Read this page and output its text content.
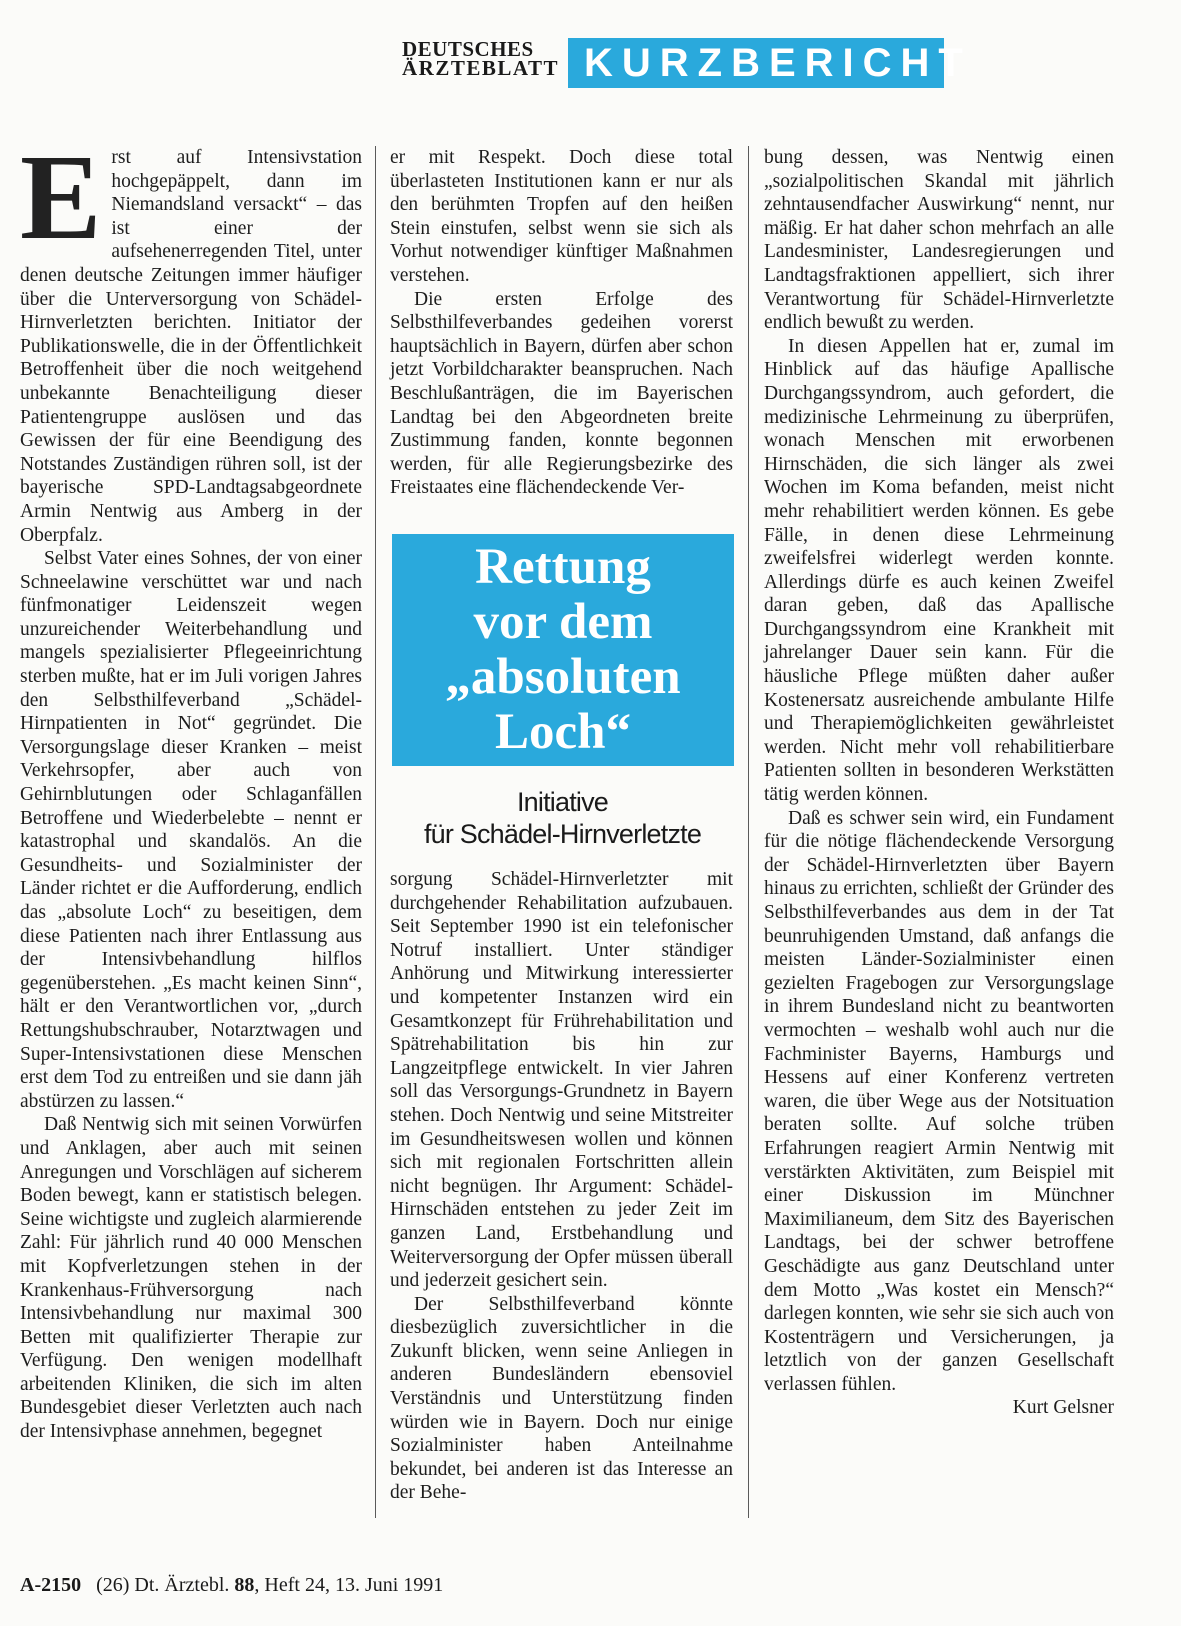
DEUTSCHES
ÄRZTEBLATT KURZBERICHT

Erst auf Intensivstation hochgepäppelt, dann im Niemandsland versackt“ – das ist einer der aufsehenerregenden Titel, unter denen deutsche Zeitungen immer häufiger über die Unterversorgung von Schädel-Hirnverletzten berichten. Initiator der Publikationswelle, die in der Öffentlichkeit Betroffenheit über die noch weitgehend unbekannte Benachteiligung dieser Patientengruppe auslösen und das Gewissen der für eine Beendigung des Notstandes Zuständigen rühren soll, ist der bayerische SPD-Landtagsabgeordnete Armin Nentwig aus Amberg in der Oberpfalz.

Selbst Vater eines Sohnes, der von einer Schneelawine verschüttet war und nach fünfmonatiger Leidenszeit wegen unzureichender Weiterbehandlung und mangels spezialisierter Pflegeeinrichtung sterben mußte, hat er im Juli vorigen Jahres den Selbsthilfeverband „Schädel-Hirnpatienten in Not“ gegründet. Die Versorgungslage dieser Kranken – meist Verkehrsopfer, aber auch von Gehirnblutungen oder Schlaganfällen Betroffene und Wiederbelebte – nennt er katastrophal und skandalös. An die Gesundheits- und Sozialminister der Länder richtet er die Aufforderung, endlich das „absolute Loch“ zu beseitigen, dem diese Patienten nach ihrer Entlassung aus der Intensivbehandlung hilflos gegenüberstehen. „Es macht keinen Sinn“, hält er den Verantwortlichen vor, „durch Rettungshubschrauber, Notarztwagen und Super-Intensivstationen diese Menschen erst dem Tod zu entreißen und sie dann jäh abstürzen zu lassen.“

Daß Nentwig sich mit seinen Vorwürfen und Anklagen, aber auch mit seinen Anregungen und Vorschlägen auf sicherem Boden bewegt, kann er statistisch belegen. Seine wichtigste und zugleich alarmierende Zahl: Für jährlich rund 40 000 Menschen mit Kopfverletzungen stehen in der Krankenhaus-Frühversorgung nach Intensivbehandlung nur maximal 300 Betten mit qualifizierter Therapie zur Verfügung. Den wenigen modellhaft arbeitenden Kliniken, die sich im alten Bundesgebiet dieser Verletzten auch nach der Intensivphase annehmen, begegnet

er mit Respekt. Doch diese total überlasteten Institutionen kann er nur als den berühmten Tropfen auf den heißen Stein einstufen, selbst wenn sie sich als Vorhut notwendiger künftiger Maßnahmen verstehen.

Die ersten Erfolge des Selbsthilfeverbandes gedeihen vorerst hauptsächlich in Bayern, dürfen aber schon jetzt Vorbildcharakter beanspruchen. Nach Beschlußanträgen, die im Bayerischen Landtag bei den Abgeordneten breite Zustimmung fanden, konnte begonnen werden, für alle Regierungsbezirke des Freistaates eine flächendeckende Ver-

Rettung
vor dem
„absoluten
Loch“
Initiative
für Schädel-Hirnverletzte

sorgung Schädel-Hirnverletzter mit durchgehender Rehabilitation aufzubauen. Seit September 1990 ist ein telefonischer Notruf installiert. Unter ständiger Anhörung und Mitwirkung interessierter und kompetenter Instanzen wird ein Gesamtkonzept für Frührehabilitation und Spätrehabilitation bis hin zur Langzeitpflege entwickelt. In vier Jahren soll das Versorgungs-Grundnetz in Bayern stehen. Doch Nentwig und seine Mitstreiter im Gesundheitswesen wollen und können sich mit regionalen Fortschritten allein nicht begnügen. Ihr Argument: Schädel-Hirnschäden entstehen zu jeder Zeit im ganzen Land, Erstbehandlung und Weiterversorgung der Opfer müssen überall und jederzeit gesichert sein.

Der Selbsthilfeverband könnte diesbezüglich zuversichtlicher in die Zukunft blicken, wenn seine Anliegen in anderen Bundesländern ebensoviel Verständnis und Unterstützung finden würden wie in Bayern. Doch nur einige Sozialminister haben Anteilnahme bekundet, bei anderen ist das Interesse an der Behe-

bung dessen, was Nentwig einen „sozialpolitischen Skandal mit jährlich zehntausendfacher Auswirkung“ nennt, nur mäßig. Er hat daher schon mehrfach an alle Landesminister, Landesregierungen und Landtagsfraktionen appelliert, sich ihrer Verantwortung für Schädel-Hirnverletzte endlich bewußt zu werden.

In diesen Appellen hat er, zumal im Hinblick auf das häufige Apallische Durchgangssyndrom, auch gefordert, die medizinische Lehrmeinung zu überprüfen, wonach Menschen mit erworbenen Hirnschäden, die sich länger als zwei Wochen im Koma befanden, meist nicht mehr rehabilitiert werden können. Es gebe Fälle, in denen diese Lehrmeinung zweifelsfrei widerlegt werden konnte. Allerdings dürfe es auch keinen Zweifel daran geben, daß das Apallische Durchgangssyndrom eine Krankheit mit jahrelanger Dauer sein kann. Für die häusliche Pflege müßten daher außer Kostenersatz ausreichende ambulante Hilfe und Therapiemöglichkeiten gewährleistet werden. Nicht mehr voll rehabilitierbare Patienten sollten in besonderen Werkstätten tätig werden können.

Daß es schwer sein wird, ein Fundament für die nötige flächendeckende Versorgung der Schädel-Hirnverletzten über Bayern hinaus zu errichten, schließt der Gründer des Selbsthilfeverbandes aus dem in der Tat beunruhigenden Umstand, daß anfangs die meisten Länder-Sozialminister einen gezielten Fragebogen zur Versorgungslage in ihrem Bundesland nicht zu beantworten vermochten – weshalb wohl auch nur die Fachminister Bayerns, Hamburgs und Hessens auf einer Konferenz vertreten waren, die über Wege aus der Notsituation beraten sollte. Auf solche trüben Erfahrungen reagiert Armin Nentwig mit verstärkten Aktivitäten, zum Beispiel mit einer Diskussion im Münchner Maximilianeum, dem Sitz des Bayerischen Landtags, bei der schwer betroffene Geschädigte aus ganz Deutschland unter dem Motto „Was kostet ein Mensch?“ darlegen konnten, wie sehr sie sich auch von Kostenträgern und Versicherungen, ja letztlich von der ganzen Gesellschaft verlassen fühlen.

Kurt Gelsner
A-2150 (26) Dt. Ärztebl. 88, Heft 24, 13. Juni 1991
